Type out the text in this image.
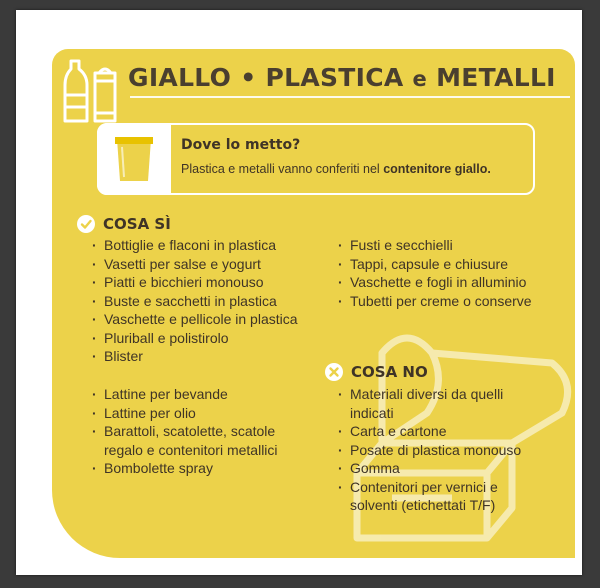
GIALLO • PLASTICA e METALLI
Dove lo metto?
Plastica e metalli vanno conferiti nel contenitore giallo.
COSA SÌ
· Bottiglie e flaconi in plastica
· Vasetti per salse e yogurt
· Piatti e bicchieri monouso
· Buste e sacchetti in plastica
· Vaschette e pellicole in plastica
· Pluriball e polistirolo
· Blister
· Lattine per bevande
· Lattine per olio
· Barattoli, scatolette, scatole regalo e contenitori metallici
· Bombolette spray
· Fusti e secchielli
· Tappi, capsule e chiusure
· Vaschette e fogli in alluminio
· Tubetti per creme o conserve
COSA NO
· Materiali diversi da quelli indicati
· Carta e cartone
· Posate di plastica monouso
· Gomma
· Contenitori per vernici e solventi (etichettati T/F)
